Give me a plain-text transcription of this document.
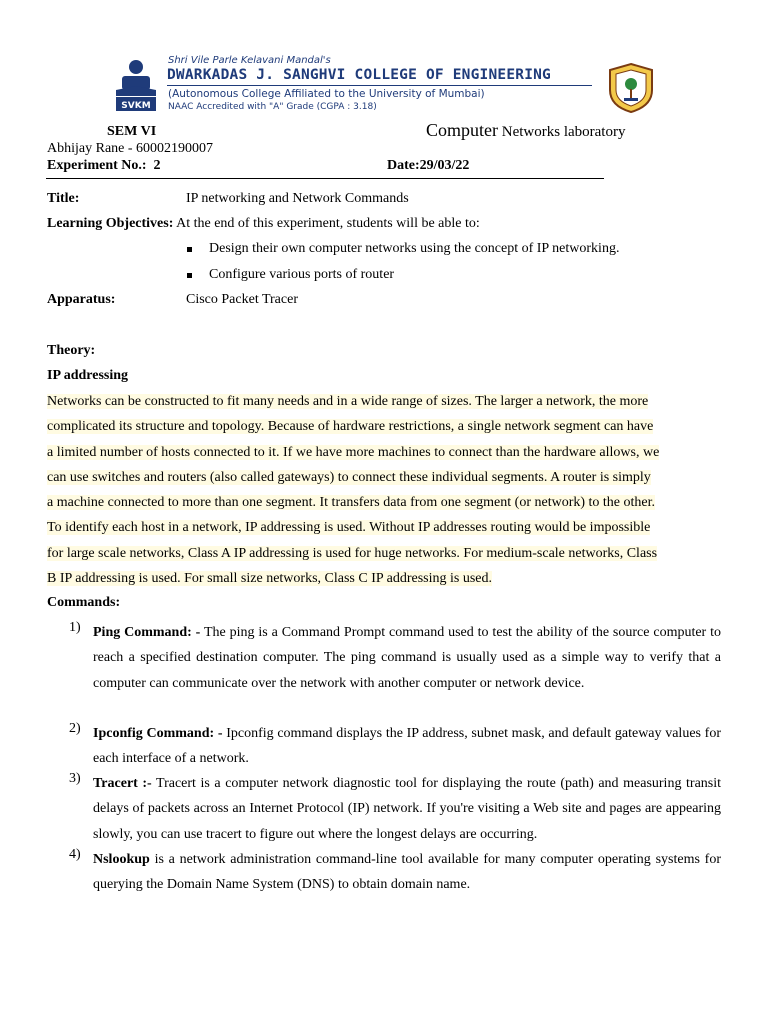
SVKM
Shri Vile Parle Kelavani Mandal's
DWARKADAS J. SANGHVI COLLEGE OF ENGINEERING
(Autonomous College Affiliated to the University of Mumbai)
NAAC Accredited with "A" Grade (CGPA : 3.18)
SEM VI	Computer Networks laboratory
Abhijay Rane - 60002190007
Experiment No.: 2	Date:29/03/22
Title:	IP networking and Network Commands
Learning Objectives: At the end of this experiment, students will be able to:
Design their own computer networks using the concept of IP networking.
Configure various ports of router
Apparatus:	Cisco Packet Tracer
Theory:
IP addressing
Networks can be constructed to fit many needs and in a wide range of sizes. The larger a network, the more
complicated its structure and topology. Because of hardware restrictions, a single network segment can have
a limited number of hosts connected to it. If we have more machines to connect than the hardware allows, we
can use switches and routers (also called gateways) to connect these individual segments. A router is simply
a machine connected to more than one segment. It transfers data from one segment (or network) to the other.
To identify each host in a network, IP addressing is used. Without IP addresses routing would be impossible
for large scale networks, Class A IP addressing is used for huge networks. For medium-scale networks, Class
B IP addressing is used. For small size networks, Class C IP addressing is used.
Commands:
1) Ping Command: - The ping is a Command Prompt command used to test the ability of the source computer to reach a specified destination computer. The ping command is usually used as a simple way to verify that a computer can communicate over the network with another computer or network device.
2) Ipconfig Command: - Ipconfig command displays the IP address, subnet mask, and default gateway values for each interface of a network.
3) Tracert :- Tracert is a computer network diagnostic tool for displaying the route (path) and measuring transit delays of packets across an Internet Protocol (IP) network. If you're visiting a Web site and pages are appearing slowly, you can use tracert to figure out where the longest delays are occurring.
4) Nslookup is a network administration command-line tool available for many computer operating systems for querying the Domain Name System (DNS) to obtain domain name.
